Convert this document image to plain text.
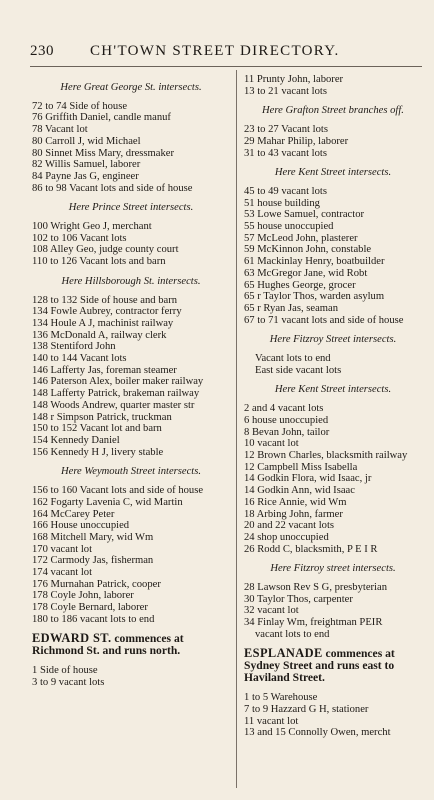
230 CH'TOWN STREET DIRECTORY.
Here Great George St. intersects.
72 to 74 Side of house
76 Griffith Daniel, candle manuf
78 Vacant lot
80 Carroll J, wid Michael
80 Sinnet Miss Mary, dressmaker
82 Willis Samuel, laborer
84 Payne Jas G, engineer
86 to 98 Vacant lots and side of house
Here Prince Street intersects.
100 Wright Geo J, merchant
102 to 106 Vacant lots
108 Alley Geo, judge county court
110 to 126 Vacant lots and barn
Here Hillsborough St. intersects.
128 to 132 Side of house and barn
134 Fowle Aubrey, contractor ferry
134 Houle A J, machinist railway
136 McDonald A, railway clerk
138 Stentiford John
140 to 144 Vacant lots
146 Lafferty Jas, foreman steamer
146 Paterson Alex, boiler maker railway
148 Lafferty Patrick, brakeman railway
148 Woods Andrew, quarter master str
148 r Simpson Patrick, truckman
150 to 152 Vacant lot and barn
154 Kennedy Daniel
156 Kennedy H J, livery stable
Here Weymouth Street intersects.
156 to 160 Vacant lots and side of house
162 Fogarty Lavenia C, wid Martin
164 McCarey Peter
166 House unoccupied
168 Mitchell Mary, wid Wm
170 vacant lot
172 Carmody Jas, fisherman
174 vacant lot
176 Murnahan Patrick, cooper
178 Coyle John, laborer
178 Coyle Bernard, laborer
180 to 186 vacant lots to end
EDWARD ST. commences at Richmond St. and runs north.
1 Side of house
3 to 9 vacant lots
11 Prunty John, laborer
13 to 21 vacant lots
Here Grafton Street branches off.
23 to 27 Vacant lots
29 Mahar Philip, laborer
31 to 43 vacant lots
Here Kent Street intersects.
45 to 49 vacant lots
51 house building
53 Lowe Samuel, contractor
55 house unoccupied
57 McLeod John, plasterer
59 McKinnon John, constable
61 Mackinlay Henry, boatbuilder
63 McGregor Jane, wid Robt
65 Hughes George, grocer
65 r Taylor Thos, warden asylum
65 r Ryan Jas, seaman
67 to 71 vacant lots and side of house
Here Fitzroy Street intersects.
Vacant lots to end
East side vacant lots
Here Kent Street intersects.
2 and 4 vacant lots
6 house unoccupied
8 Bevan John, tailor
10 vacant lot
12 Brown Charles, blacksmith railway
12 Campbell Miss Isabella
14 Godkin Flora, wid Isaac, jr
14 Godkin Ann, wid Isaac
16 Rice Annie, wid Wm
18 Arbing John, farmer
20 and 22 vacant lots
24 shop unoccupied
26 Rodd C, blacksmith, P E I R
Here Fitzroy street intersects.
28 Lawson Rev S G, presbyterian
30 Taylor Thos, carpenter
32 vacant lot
34 Finlay Wm, freightman PEIR
vacant lots to end
ESPLANADE commences at Sydney Street and runs east to Haviland Street.
1 to 5 Warehouse
7 to 9 Hazzard G H, stationer
11 vacant lot
13 and 15 Connolly Owen, mercht
